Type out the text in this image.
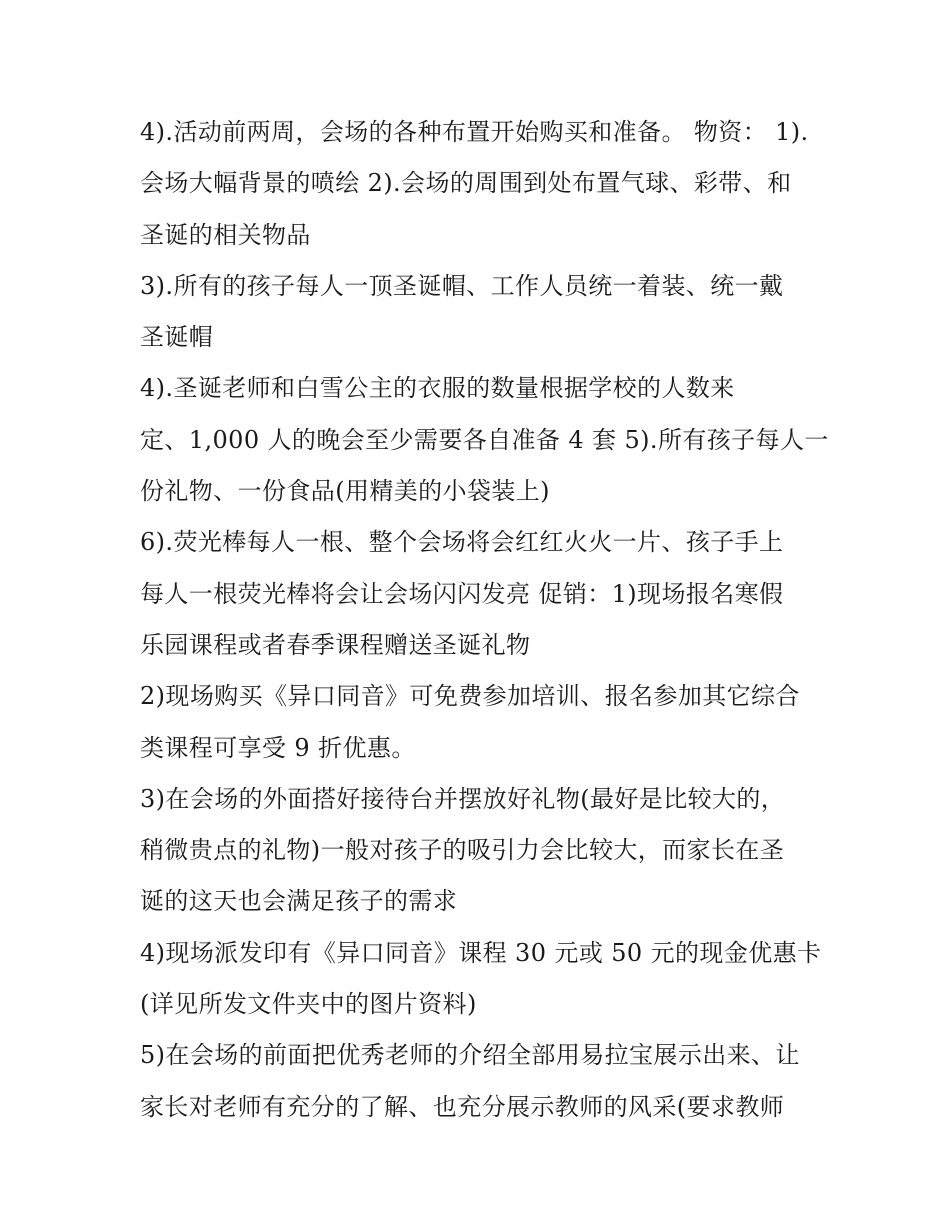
4).活动前两周，会场的各种布置开始购买和准备。 物资： 1).
会场大幅背景的喷绘 2).会场的周围到处布置气球、彩带、和
圣诞的相关物品
3).所有的孩子每人一顶圣诞帽、工作人员统一着装、统一戴
圣诞帽
4).圣诞老师和白雪公主的衣服的数量根据学校的人数来
定、1,000 人的晚会至少需要各自准备 4 套 5).所有孩子每人一
份礼物、一份食品(用精美的小袋装上)
6).荧光棒每人一根、整个会场将会红红火火一片、孩子手上
每人一根荧光棒将会让会场闪闪发亮 促销：1)现场报名寒假
乐园课程或者春季课程赠送圣诞礼物
2)现场购买《异口同音》可免费参加培训、报名参加其它综合
类课程可享受 9 折优惠。
3)在会场的外面搭好接待台并摆放好礼物(最好是比较大的，
稍微贵点的礼物)一般对孩子的吸引力会比较大，而家长在圣
诞的这天也会满足孩子的需求
4)现场派发印有《异口同音》课程 30 元或 50 元的现金优惠卡
(详见所发文件夹中的图片资料)
5)在会场的前面把优秀老师的介绍全部用易拉宝展示出来、让
家长对老师有充分的了解、也充分展示教师的风采(要求教师
